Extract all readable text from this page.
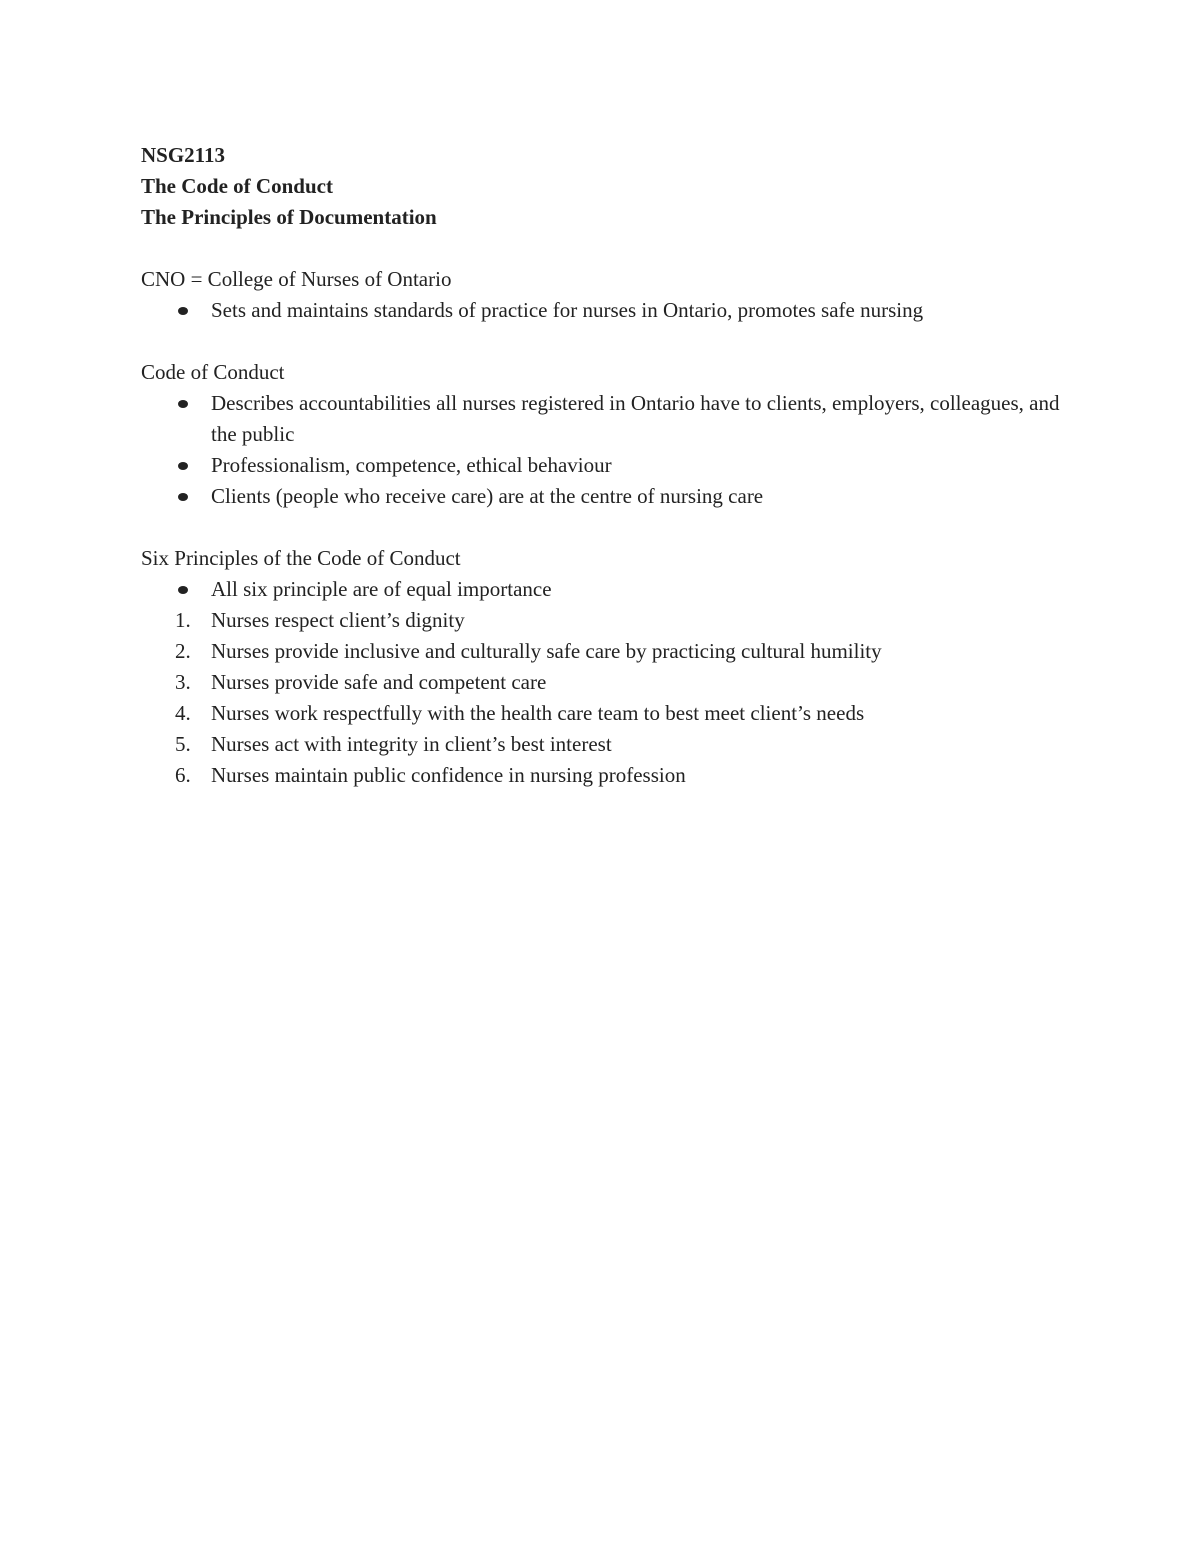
NSG2113
The Code of Conduct
The Principles of Documentation
CNO = College of Nurses of Ontario
Sets and maintains standards of practice for nurses in Ontario, promotes safe nursing
Code of Conduct
Describes accountabilities all nurses registered in Ontario have to clients, employers, colleagues, and the public
Professionalism, competence, ethical behaviour
Clients (people who receive care) are at the centre of nursing care
Six Principles of the Code of Conduct
All six principle are of equal importance
1. Nurses respect client’s dignity
2. Nurses provide inclusive and culturally safe care by practicing cultural humility
3. Nurses provide safe and competent care
4. Nurses work respectfully with the health care team to best meet client’s needs
5. Nurses act with integrity in client’s best interest
6. Nurses maintain public confidence in nursing profession
